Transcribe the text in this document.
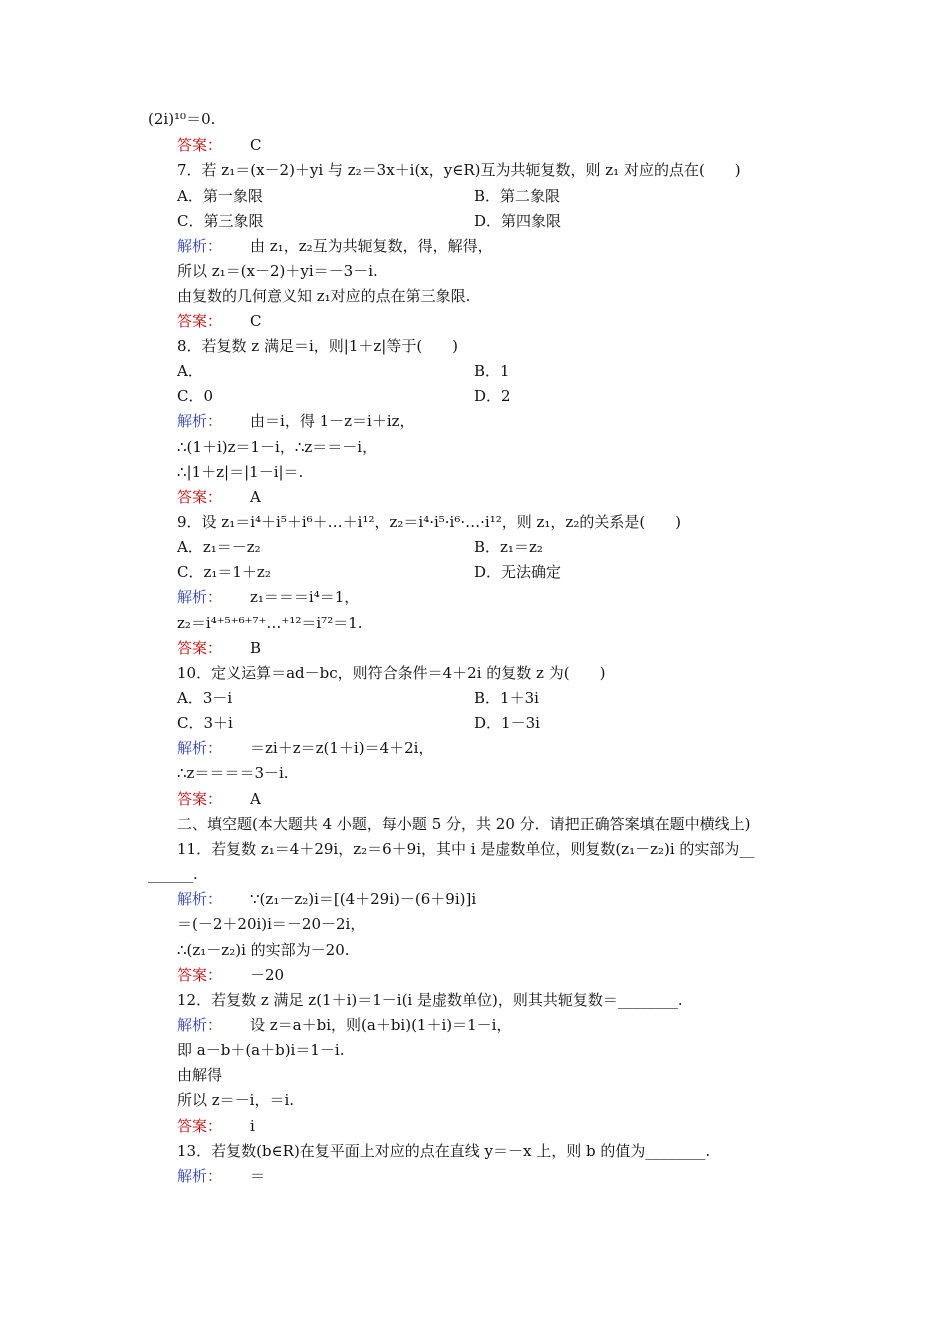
(2i)¹⁰＝0.
答案： C
7．若 z₁＝(x－2)＋yi 与 z₂＝3x＋i(x，y∈R)互为共轭复数，则 z₁ 对应的点在(　　)
A．第一象限	B．第二象限
C．第三象限	D．第四象限
解析： 由 z₁，z₂互为共轭复数，得，解得，
所以 z₁＝(x－2)＋yi＝－3－i.
由复数的几何意义知 z₁对应的点在第三象限.
答案： C
8．若复数 z 满足＝i，则|1＋z|等于(　　)
A．	B．1
C．0	D．2
解析： 由＝i，得 1－z＝i＋iz，
∴(1＋i)z＝1－i，∴z＝＝－i，
∴|1＋z|＝|1－i|＝.
答案： A
9．设 z₁＝i⁴＋i⁵＋i⁶＋…＋i¹²，z₂＝i⁴·i⁵·i⁶·…·i¹²，则 z₁，z₂的关系是(　　)
A．z₁＝－z₂	B．z₁＝z₂
C．z₁＝1＋z₂	D．无法确定
解析： z₁＝＝＝i⁴＝1，
z₂＝i⁴⁺⁵⁺⁶⁺⁷⁺…⁺¹²＝i⁷²＝1.
答案： B
10．定义运算＝ad－bc，则符合条件＝4＋2i 的复数 z 为(　　)
A．3－i	B．1＋3i
C．3＋i	D．1－3i
解析： ＝zi＋z＝z(1＋i)＝4＋2i，
∴z＝＝＝＝3－i.
答案： A
二、填空题(本大题共 4 小题，每小题 5 分，共 20 分．请把正确答案填在题中横线上)
11．若复数 z₁＝4＋29i，z₂＝6＋9i，其中 i 是虚数单位，则复数(z₁－z₂)i 的实部为__
______.
解析： ∵(z₁－z₂)i＝[(4＋29i)－(6＋9i)]i
＝(－2＋20i)i＝－20－2i，
∴(z₁－z₂)i 的实部为－20.
答案： －20
12．若复数 z 满足 z(1＋i)＝1－i(i 是虚数单位)，则其共轭复数＝________.
解析： 设 z＝a＋bi，则(a＋bi)(1＋i)＝1－i，
即 a－b＋(a＋b)i＝1－i.
由解得
所以 z＝－i，＝i.
答案： i
13．若复数(b∈R)在复平面上对应的点在直线 y＝－x 上，则 b 的值为________.
解析： ＝
